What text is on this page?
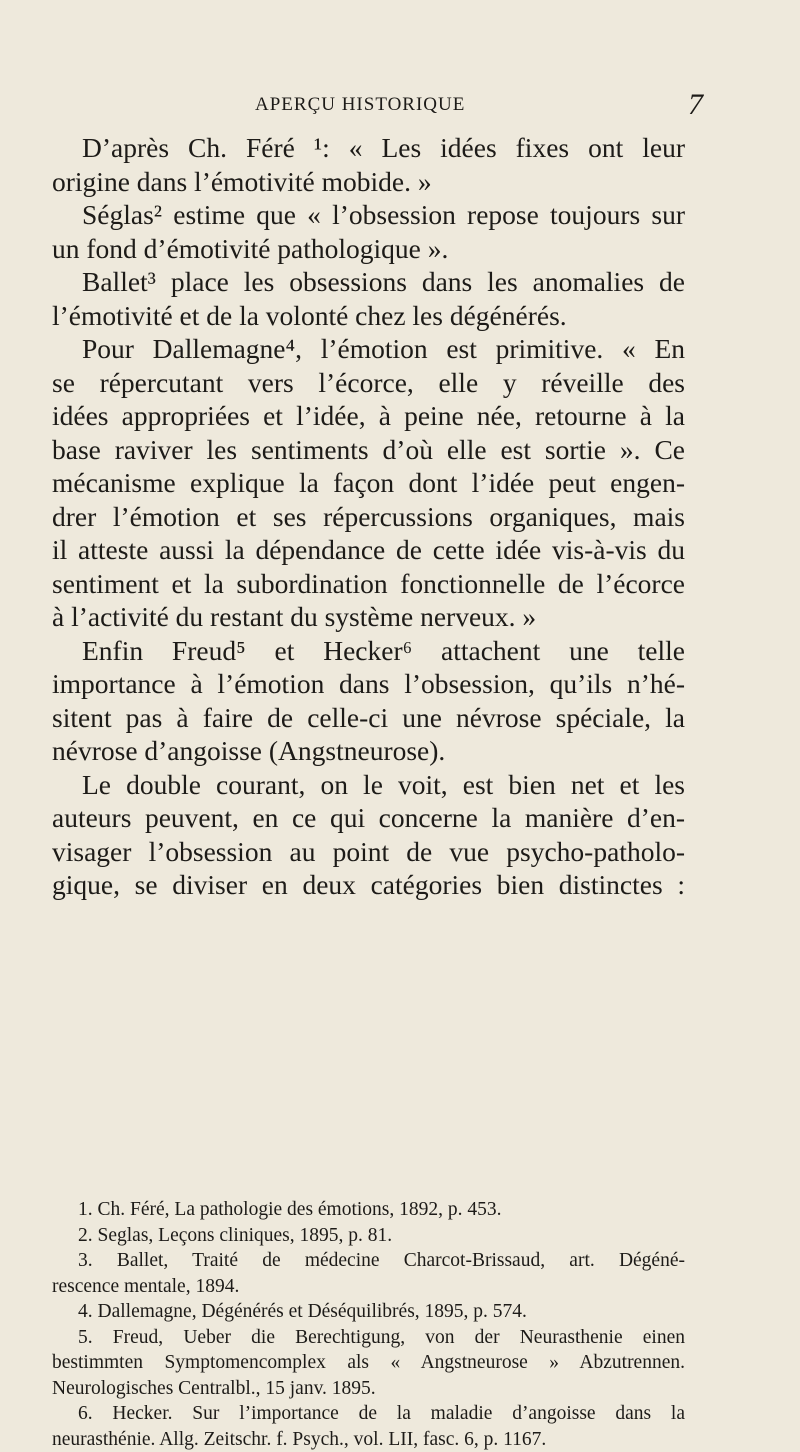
APERÇU HISTORIQUE	7
D’après Ch. Féré ¹: « Les idées fixes ont leur
origine dans l’émotivité mobide. »
Séglas² estime que « l’obsession repose toujours sur
un fond d’émotivité pathologique ».
Ballet³ place les obsessions dans les anomalies de
l’émotivité et de la volonté chez les dégénérés.
Pour Dallemagne⁴, l’émotion est primitive. « En
se répercutant vers l’écorce, elle y réveille des
idées appropriées et l’idée, à peine née, retourne à la
base raviver les sentiments d’où elle est sortie ». Ce
mécanisme explique la façon dont l’idée peut engen-
drer l’émotion et ses répercussions organiques, mais
il atteste aussi la dépendance de cette idée vis-à-vis du
sentiment et la subordination fonctionnelle de l’écorce
à l’activité du restant du système nerveux. »
Enfin Freud⁵ et Hecker⁶ attachent une telle
importance à l’émotion dans l’obsession, qu’ils n’hé-
sitent pas à faire de celle-ci une névrose spéciale, la
névrose d’angoisse (Angstneurose).
Le double courant, on le voit, est bien net et les
auteurs peuvent, en ce qui concerne la manière d’en-
visager l’obsession au point de vue psycho-patholo-
gique, se diviser en deux catégories bien distinctes :
1. Ch. Féré, La pathologie des émotions, 1892, p. 453.
2. Seglas, Leçons cliniques, 1895, p. 81.
3. Ballet, Traité de médecine Charcot-Brissaud, art. Dégéné-
rescence mentale, 1894.
4. Dallemagne, Dégénérés et Déséquilibrés, 1895, p. 574.
5. Freud, Ueber die Berechtigung, von der Neurasthenie einen
bestimmten Symptomencomplex als « Angstneurose » Abzutrennen.
Neurologisches Centralbl., 15 janv. 1895.
6. Hecker. Sur l’importance de la maladie d’angoisse dans la
neurasthénie. Allg. Zeitschr. f. Psych., vol. LII, fasc. 6, p. 1167.
